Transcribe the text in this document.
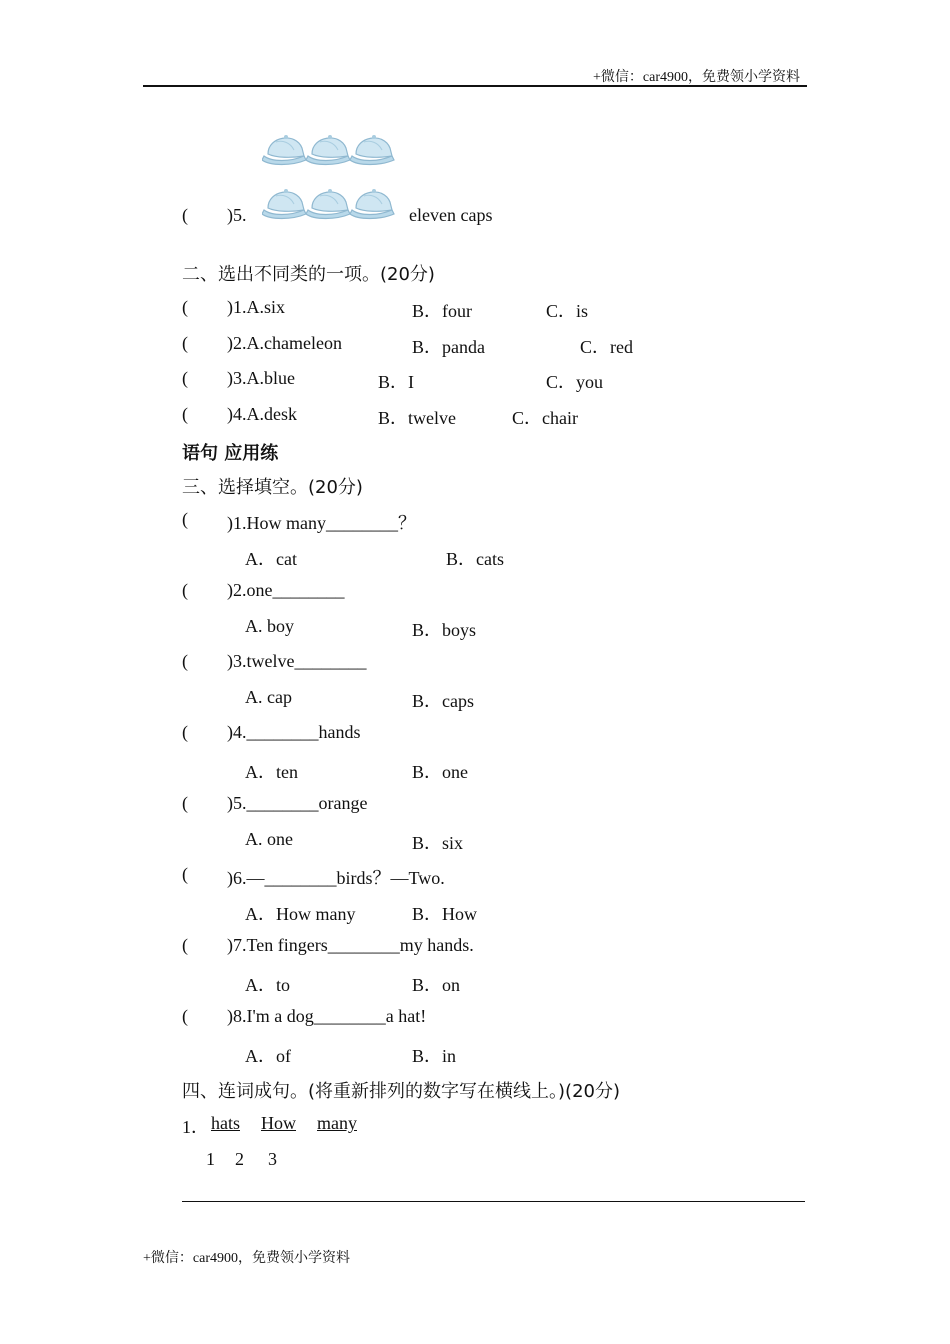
+微信：car4900，免费领小学资料
( )5.	eleven caps
二、选出不同类的一项。(20分)
( )1.A.six	B．four	C．is
( )2.A.chameleon	B．panda	C．red
( )3.A.blue	B．I	C．you
( )4.A.desk	B．twelve	C．chair
语句 应用练
三、选择填空。(20分)
( )1.How many________？
A．cat	B．cats
( )2.one________
A. boy	B．boys
( )3.twelve________
A. cap	B．caps
( )4.________hands
A．ten	B．one
( )5.________orange
A. one	B．six
( )6.—________birds？—Two.
A．How many	B．How
( )7.Ten fingers________my hands.
A．to	B．on
( )8.I'm a dog________a hat!
A．of	B．in
四、连词成句。(将重新排列的数字写在横线上。)(20分)
1． hats How many
1 2 3
+微信：car4900，免费领小学资料
